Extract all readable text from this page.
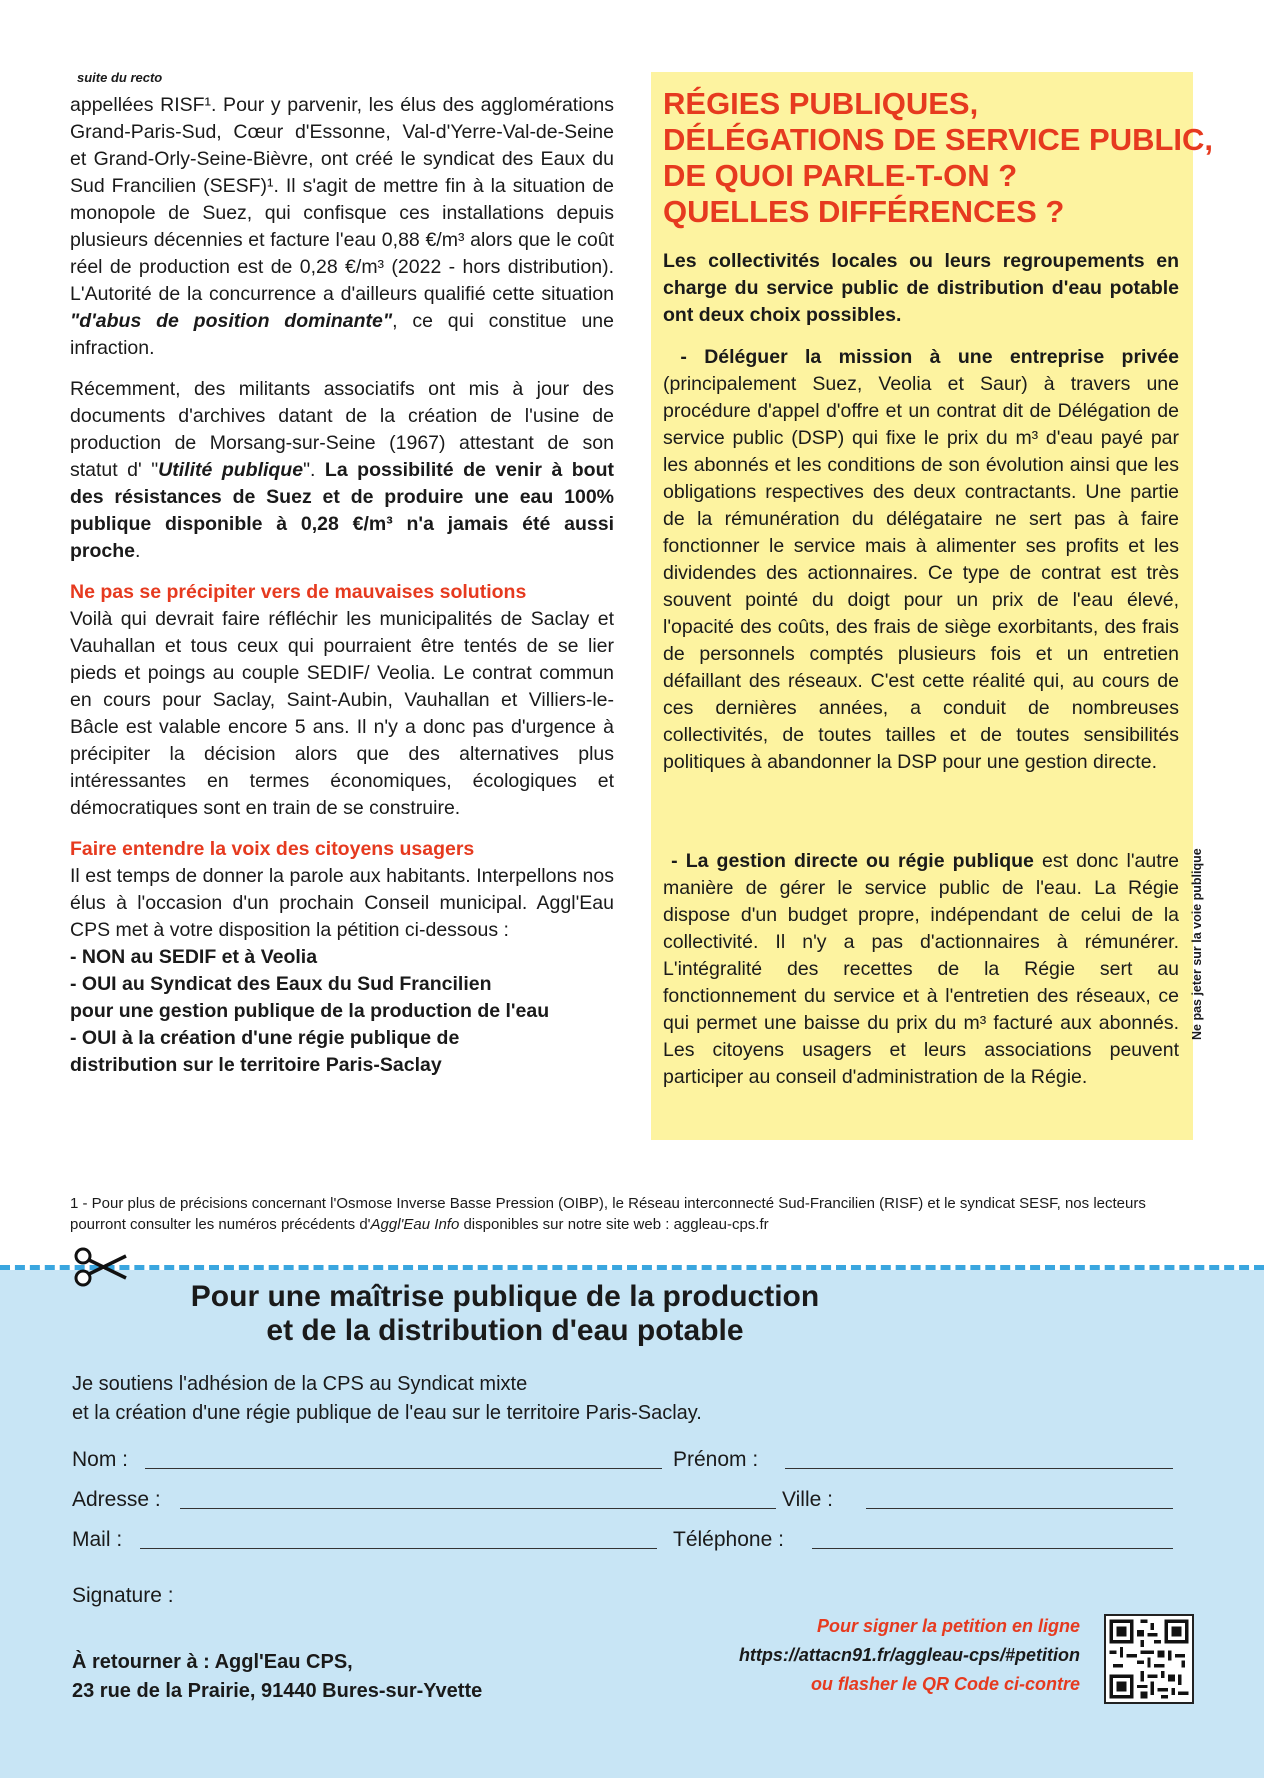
suite du recto

appellées RISF¹. Pour y parvenir, les élus des agglomérations Grand-Paris-Sud, Cœur d'Essonne, Val-d'Yerre-Val-de-Seine et Grand-Orly-Seine-Bièvre, ont créé le syndicat des Eaux du Sud Francilien (SESF)¹. Il s'agit de mettre fin à la situation de monopole de Suez, qui confisque ces installations depuis plusieurs décennies et facture l'eau 0,88 €/m³ alors que le coût réel de production est de 0,28 €/m³ (2022 - hors distribution). L'Autorité de la concurrence a d'ailleurs qualifié cette situation "d'abus de position dominante", ce qui constitue une infraction.

Récemment, des militants associatifs ont mis à jour des documents d'archives datant de la création de l'usine de production de Morsang-sur-Seine (1967) attestant de son statut d' "Utilité publique". La possibilité de venir à bout des résistances de Suez et de produire une eau 100% publique disponible à 0,28 €/m³ n'a jamais été aussi proche.

Ne pas se précipiter vers de mauvaises solutions

Voilà qui devrait faire réfléchir les municipalités de Saclay et Vauhallan et tous ceux qui pourraient être tentés de se lier pieds et poings au couple SEDIF/ Veolia. Le contrat commun en cours pour Saclay, Saint-Aubin, Vauhallan et Villiers-le-Bâcle est valable encore 5 ans. Il n'y a donc pas d'urgence à précipiter la décision alors que des alternatives plus intéressantes en termes économiques, écologiques et démocratiques sont en train de se construire.

Faire entendre la voix des citoyens usagers

Il est temps de donner la parole aux habitants. Interpellons nos élus à l'occasion d'un prochain Conseil municipal. Aggl'Eau CPS met à votre disposition la pétition ci-dessous :

- NON au SEDIF et à Veolia
- OUI au Syndicat des Eaux du Sud Francilien
pour une gestion publique de la production de l'eau
- OUI à la création d'une régie publique de
distribution sur le territoire Paris-Saclay
RÉGIES PUBLIQUES,
DÉLÉGATIONS DE SERVICE PUBLIC,
DE QUOI PARLE-T-ON ?
QUELLES DIFFÉRENCES ?
Les collectivités locales ou leurs regroupements en charge du service public de distribution d'eau potable ont deux choix possibles.
- Déléguer la mission à une entreprise privée (principalement Suez, Veolia et Saur) à travers une procédure d'appel d'offre et un contrat dit de Délégation de service public (DSP) qui fixe le prix du m³ d'eau payé par les abonnés et les conditions de son évolution ainsi que les obligations respectives des deux contractants. Une partie de la rémunération du délégataire ne sert pas à faire fonctionner le service mais à alimenter ses profits et les dividendes des actionnaires. Ce type de contrat est très souvent pointé du doigt pour un prix de l'eau élevé, l'opacité des coûts, des frais de siège exorbitants, des frais de personnels comptés plusieurs fois et un entretien défaillant des réseaux. C'est cette réalité qui, au cours de ces dernières années, a conduit de nombreuses collectivités, de toutes tailles et de toutes sensibilités politiques à abandonner la DSP pour une gestion directe.
- La gestion directe ou régie publique est donc l'autre manière de gérer le service public de l'eau. La Régie dispose d'un budget propre, indépendant de celui de la collectivité. Il n'y a pas d'actionnaires à rémunérer. L'intégralité des recettes de la Régie sert au fonctionnement du service et à l'entretien des réseaux, ce qui permet une baisse du prix du m³ facturé aux abonnés. Les citoyens usagers et leurs associations peuvent participer au conseil d'administration de la Régie.
Ne pas jeter sur la voie publique
1 - Pour plus de précisions concernant l'Osmose Inverse Basse Pression (OIBP), le Réseau interconnecté Sud-Francilien (RISF) et le syndicat SESF, nos lecteurs pourront consulter les numéros précédents d'Aggl'Eau Info disponibles sur notre site web : aggleau-cps.fr
Pour une maîtrise publique de la production
et de la distribution d'eau potable
Je soutiens l'adhésion de la CPS au Syndicat mixte
et la création d'une régie publique de l'eau sur le territoire Paris-Saclay.
Nom :	Prénom :
Adresse :	Ville :
Mail :	Téléphone :
Signature :
À retourner à : Aggl'Eau CPS,
23 rue de la Prairie, 91440 Bures-sur-Yvette
Pour signer la petition en ligne
https://attacn91.fr/aggleau-cps/#petition
ou flasher le QR Code ci-contre
